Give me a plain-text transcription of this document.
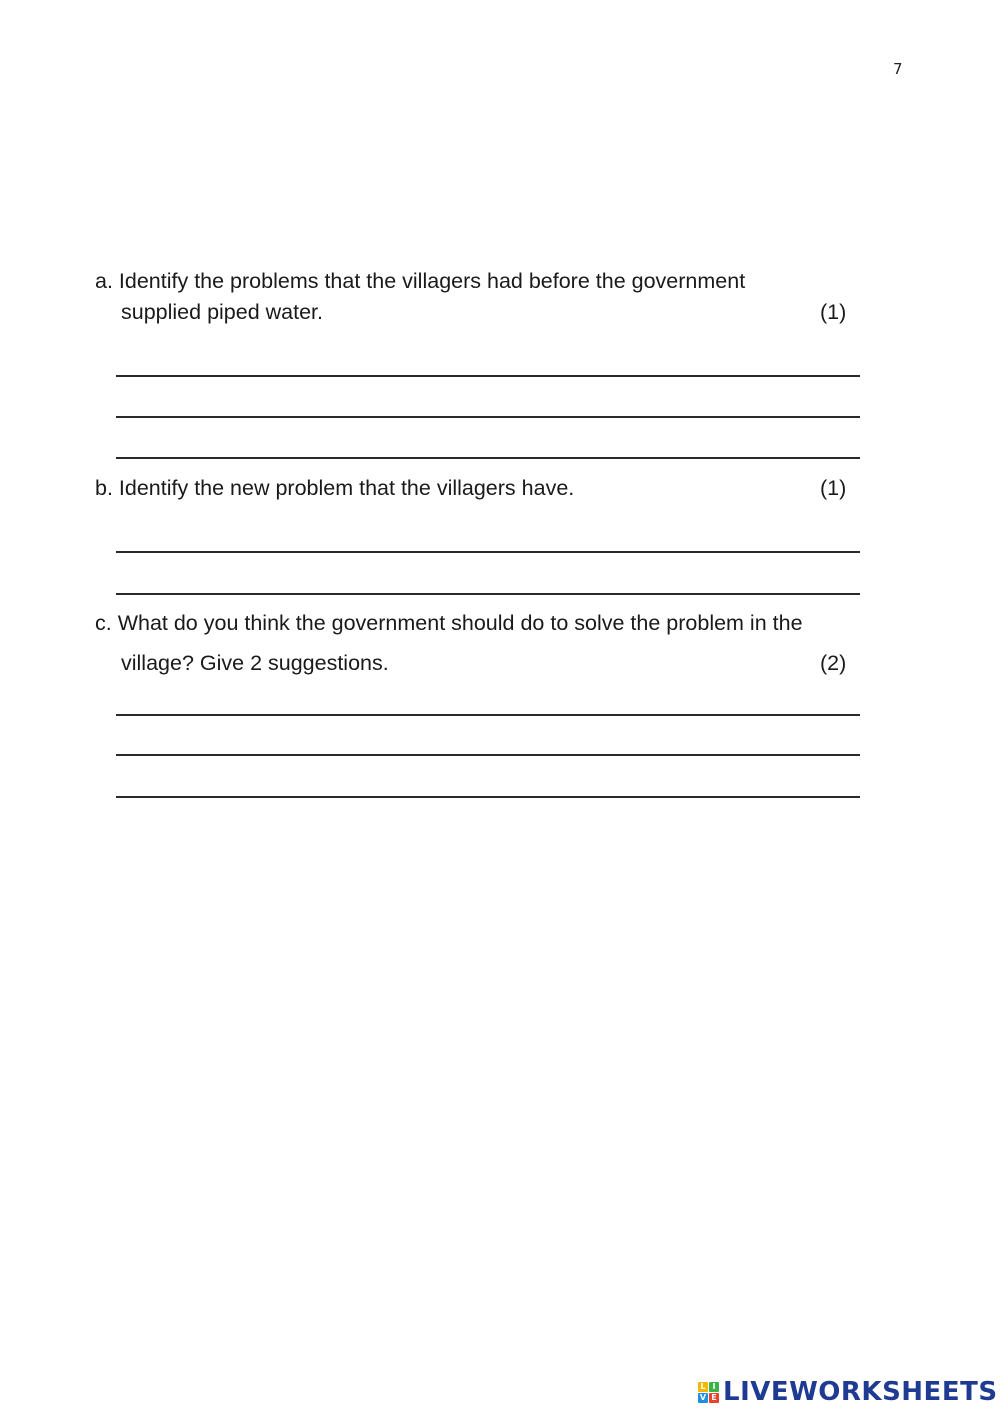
7
a. Identify the problems that the villagers had before the government
supplied piped water.	(1)
b. Identify the new problem that the villagers have.	(1)
c. What do you think the government should do to solve the problem in the
village? Give 2 suggestions.	(2)
L I
V E LIVEWORKSHEETS
